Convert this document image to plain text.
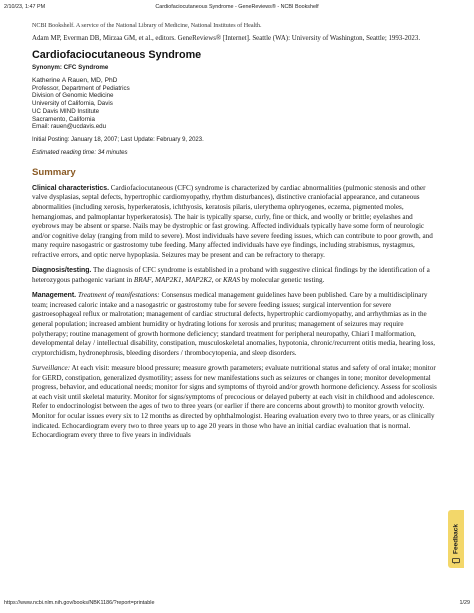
2/10/23, 1:47 PM	Cardiofaciocutaneous Syndrome - GeneReviews® - NCBI Bookshelf
NCBI Bookshelf. A service of the National Library of Medicine, National Institutes of Health.
Adam MP, Everman DB, Mirzaa GM, et al., editors. GeneReviews® [Internet]. Seattle (WA): University of Washington, Seattle; 1993-2023.
Cardiofaciocutaneous Syndrome
Synonym: CFC Syndrome
Katherine A Rauen, MD, PhD
Professor, Department of Pediatrics
Division of Genomic Medicine
University of California, Davis
UC Davis MIND Institute
Sacramento, California
Email: rauen@ucdavis.edu
Initial Posting: January 18, 2007; Last Update: February 9, 2023.
Estimated reading time: 34 minutes
Summary

Clinical characteristics. Cardiofaciocutaneous (CFC) syndrome is characterized by cardiac abnormalities (pulmonic stenosis and other valve dysplasias, septal defects, hypertrophic cardiomyopathy, rhythm disturbances), distinctive craniofacial appearance, and cutaneous abnormalities (including xerosis, hyperkeratosis, ichthyosis, keratosis pilaris, ulerythema ophryogenes, eczema, pigmented moles, hemangiomas, and palmoplantar hyperkeratosis). The hair is typically sparse, curly, fine or thick, and woolly or brittle; eyelashes and eyebrows may be absent or sparse. Nails may be dystrophic or fast growing. Affected individuals typically have some form of neurologic and/or cognitive delay (ranging from mild to severe). Most individuals have severe feeding issues, which can contribute to poor growth, and many require nasogastric or gastrostomy tube feeding. Many affected individuals have eye findings, including strabismus, nystagmus, refractive errors, and optic nerve hypoplasia. Seizures may be present and can be refractory to therapy.

Diagnosis/testing. The diagnosis of CFC syndrome is established in a proband with suggestive clinical findings by the identification of a heterozygous pathogenic variant in BRAF, MAP2K1, MAP2K2, or KRAS by molecular genetic testing.

Management. Treatment of manifestations: Consensus medical management guidelines have been published. Care by a multidisciplinary team; increased caloric intake and a nasogastric or gastrostomy tube for severe feeding issues; surgical intervention for severe gastroesophageal reflux or malrotation; management of cardiac structural defects, hypertrophic cardiomyopathy, and arrhythmias as in the general population; increased ambient humidity or hydrating lotions for xerosis and pruritus; management of seizures may require polytherapy; routine management of growth hormone deficiency; standard treatment for peripheral neuropathy, Chiari I malformation, developmental delay / intellectual disability, constipation, musculoskeletal anomalies, hypotonia, chronic/recurrent otitis media, hearing loss, cryptorchidism, hydronephrosis, bleeding disorders / thrombocytopenia, and sleep disorders.

Surveillance: At each visit: measure blood pressure; measure growth parameters; evaluate nutritional status and safety of oral intake; monitor for GERD, constipation, generalized dysmotility; assess for new manifestations such as seizures or changes in tone; monitor developmental progress, behavior, and educational needs; monitor for signs and symptoms of thyroid and/or growth hormone deficiency. Assess for scoliosis at each visit until skeletal maturity. Monitor for signs/symptoms of precocious or delayed puberty at each visit in childhood and adolescence. Refer to endocrinologist between the ages of two to three years (or earlier if there are concerns about growth) to monitor growth velocity. Monitor for ocular issues every six to 12 months as directed by ophthalmologist. Hearing evaluation every two to three years, or as clinically indicated. Echocardiogram every two to three years up to age 20 years in those who have an initial cardiac evaluation that is normal. Echocardiogram every three to five years in individuals

Feedback
https://www.ncbi.nlm.nih.gov/books/NBK1186/?report=printable	1/29
